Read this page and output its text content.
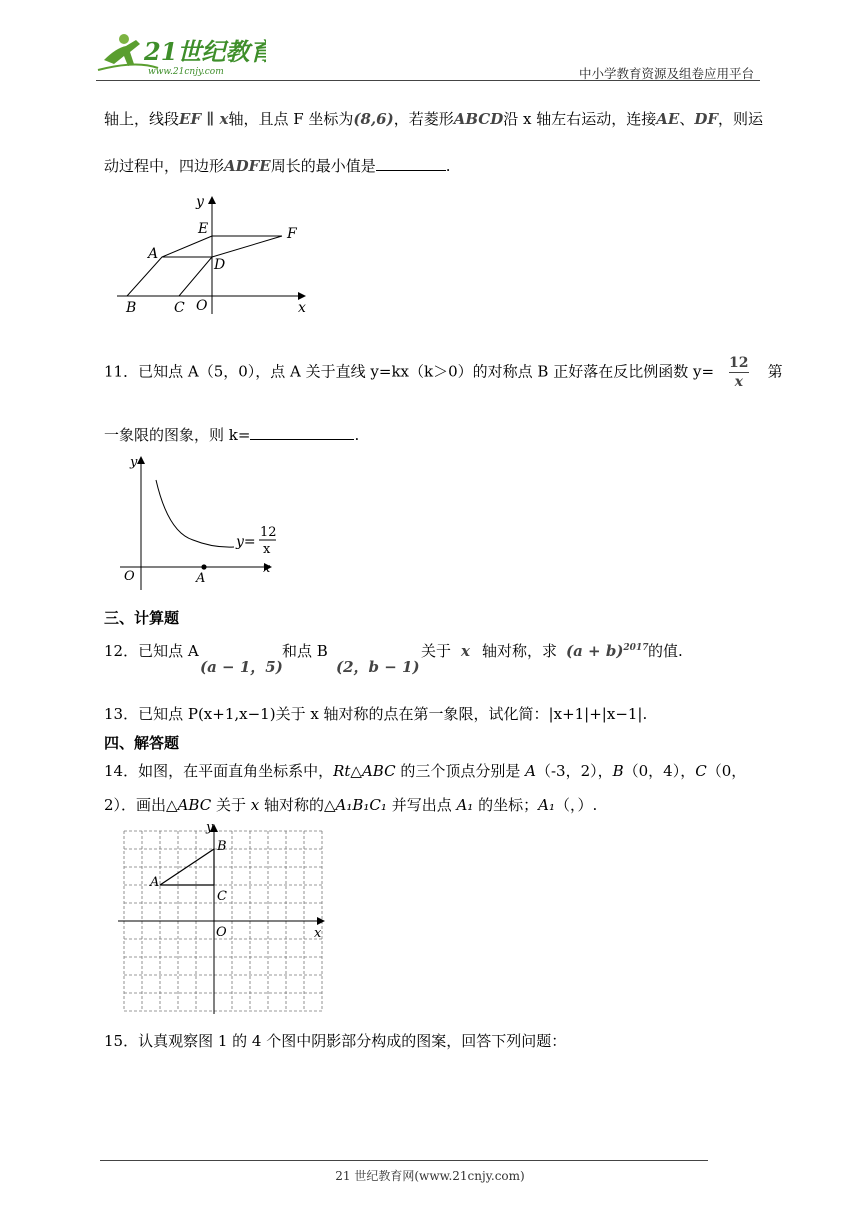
21世纪教育
www.21cnjy.com	中小学教育资源及组卷应用平台
轴上，线段EF ∥ x轴，且点 F 坐标为(8,6)，若菱形ABCD沿 x 轴左右运动，连接AE、DF，则运
动过程中，四边形ADFE周长的最小值是	.
y
x
E	F
A
D
B	C O
11．已知点 A（5，0），点 A 关于直线 y=kx（k＞0）的对称点 B 正好落在反比例函数 $y= \frac{12}{x}$ 第
一象限的图象，则 k=	.
y
x
O	A
y=
12
x
三、计算题
12．已知点 A
(a − 1，5)
和点 B
(2，b − 1)
关于 x 轴对称，求 $(a + b)^{2017}$ 的值.
13．已知点 P(x+1,x−1)关于 x 轴对称的点在第一象限，试化简：|x+1|+|x−1|.
四、解答题
14．如图，在平面直角坐标系中，Rt△ABC 的三个顶点分别是 A（-3，2），B（0，4），C（0，
2）．画出△ABC 关于 x 轴对称的△A₁B₁C₁ 并写出点 A₁ 的坐标；A₁（，）.
y
x
O
A
B
C
15．认真观察图 1 的 4 个图中阴影部分构成的图案，回答下列问题：
21 世纪教育网(www.21cnjy.com)
